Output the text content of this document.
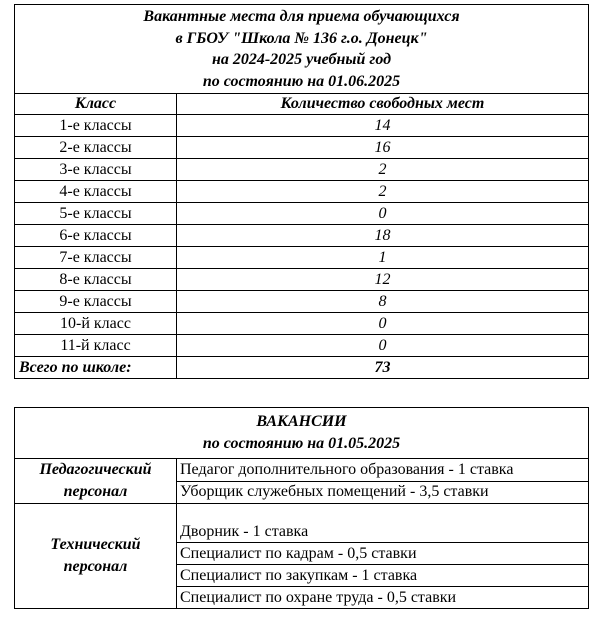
Вакантные места для приема обучающихся
в ГБОУ "Школа № 136 г.о. Донецк"
на 2024-2025 учебный год
по состоянию на 01.06.2025	

Класс	Количество свободных мест
1-е классы	14
2-е классы	16
3-е классы	2
4-е классы	2
5-е классы	0
6-е классы	18
7-е классы	1
8-е классы	12
9-е классы	8
10-й класс	0
11-й класс	0
Всего по школе:	73
ВАКАНСИИ
по состоянию на 01.05.2025	

Педагогический
персонал	Педагог дополнительного образования - 1 ставка
	Уборщик служебных помещений - 3,5 ставки

Технический
персонал	Дворник - 1 ставка
	Специалист по кадрам - 0,5 ставки
	Специалист по закупкам - 1 ставка
	Специалист по охране труда - 0,5 ставки
